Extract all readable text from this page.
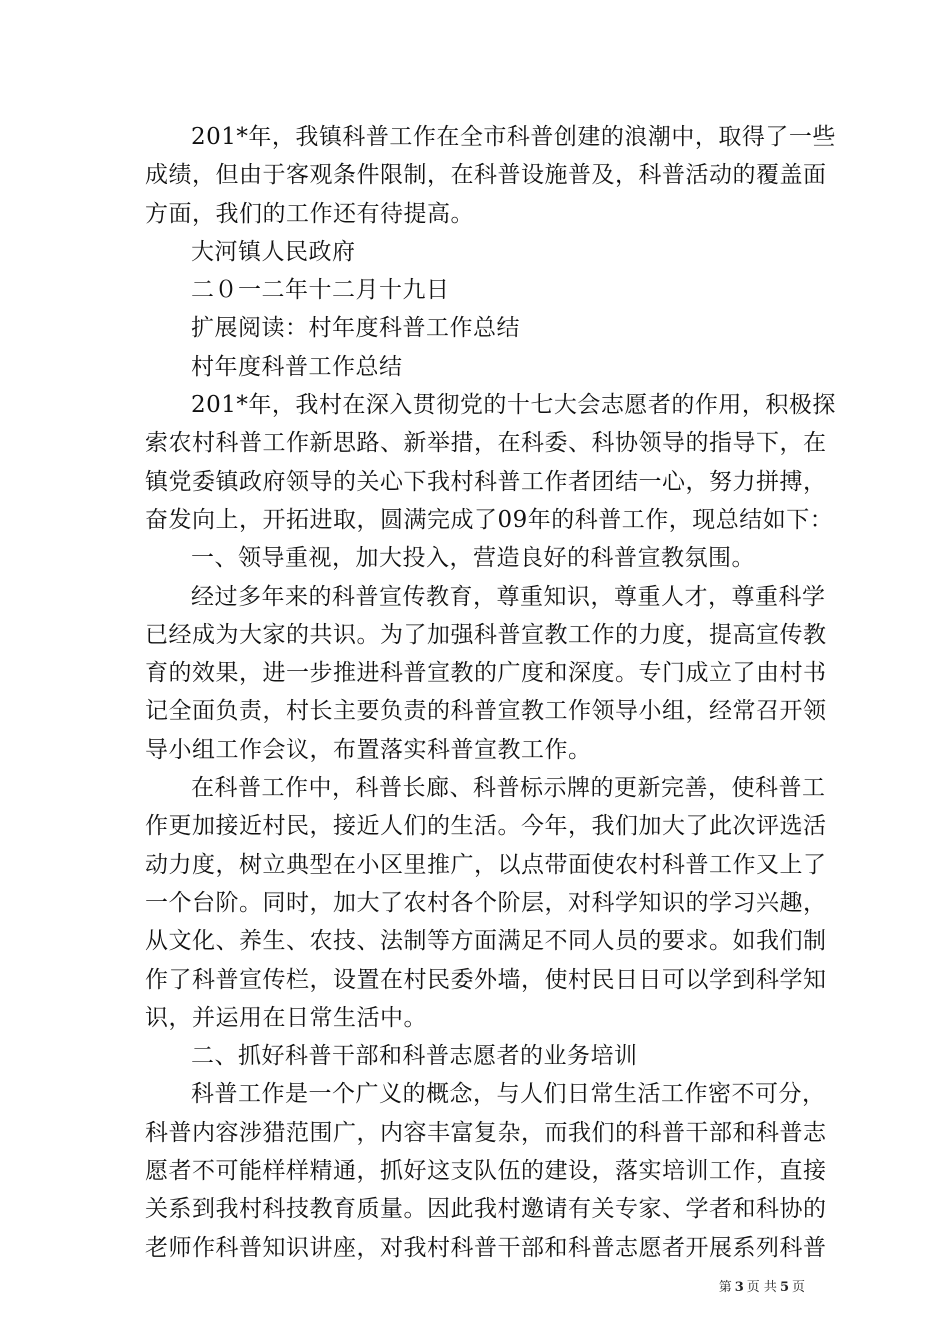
201*年，我镇科普工作在全市科普创建的浪潮中，取得了一些
成绩，但由于客观条件限制，在科普设施普及，科普活动的覆盖面
方面，我们的工作还有待提高。
大河镇人民政府
二０一二年十二月十九日
扩展阅读：村年度科普工作总结
村年度科普工作总结
201*年，我村在深入贯彻党的十七大会志愿者的作用，积极探
索农村科普工作新思路、新举措，在科委、科协领导的指导下，在
镇党委镇政府领导的关心下我村科普工作者团结一心，努力拼搏，
奋发向上，开拓进取，圆满完成了09年的科普工作，现总结如下：
一、领导重视，加大投入，营造良好的科普宣教氛围。
经过多年来的科普宣传教育，尊重知识，尊重人才，尊重科学
已经成为大家的共识。为了加强科普宣教工作的力度，提高宣传教
育的效果，进一步推进科普宣教的广度和深度。专门成立了由村书
记全面负责，村长主要负责的科普宣教工作领导小组，经常召开领
导小组工作会议，布置落实科普宣教工作。
在科普工作中，科普长廊、科普标示牌的更新完善，使科普工
作更加接近村民，接近人们的生活。今年，我们加大了此次评选活
动力度，树立典型在小区里推广，以点带面使农村科普工作又上了
一个台阶。同时，加大了农村各个阶层，对科学知识的学习兴趣，
从文化、养生、农技、法制等方面满足不同人员的要求。如我们制
作了科普宣传栏，设置在村民委外墙，使村民日日可以学到科学知
识，并运用在日常生活中。
二、抓好科普干部和科普志愿者的业务培训
科普工作是一个广义的概念，与人们日常生活工作密不可分，
科普内容涉猎范围广，内容丰富复杂，而我们的科普干部和科普志
愿者不可能样样精通，抓好这支队伍的建设，落实培训工作，直接
关系到我村科技教育质量。因此我村邀请有关专家、学者和科协的
老师作科普知识讲座，对我村科普干部和科普志愿者开展系列科普
第 3 页 共 5 页
